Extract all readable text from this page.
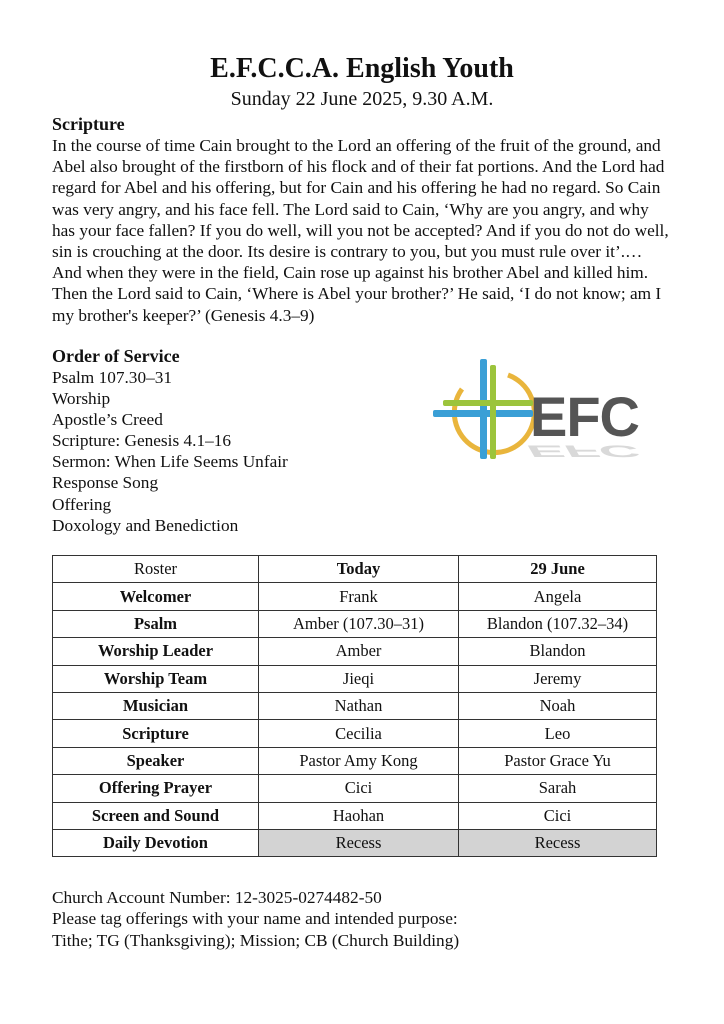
E.F.C.C.A. English Youth
Sunday 22 June 2025, 9.30 A.M.
Scripture
In the course of time Cain brought to the Lord an offering of the fruit of the ground, and Abel also brought of the firstborn of his flock and of their fat portions. And the Lord had regard for Abel and his offering, but for Cain and his offering he had no regard. So Cain was very angry, and his face fell. The Lord said to Cain, ‘Why are you angry, and why has your face fallen? If you do well, will you not be accepted? And if you do not do well, sin is crouching at the door. Its desire is contrary to you, but you must rule over it’.… And when they were in the field, Cain rose up against his brother Abel and killed him. Then the Lord said to Cain, ‘Where is Abel your brother?’ He said, ‘I do not know; am I my brother's keeper?’ (Genesis 4.3–9)
Order of Service
Psalm 107.30–31
Worship
Apostle’s Creed
Scripture: Genesis 4.1–16
Sermon: When Life Seems Unfair
Response Song
Offering
Doxology and Benediction
EFC
EFC
Roster	Today	29 June
Welcomer	Frank	Angela
Psalm	Amber (107.30–31)	Blandon (107.32–34)
Worship Leader	Amber	Blandon
Worship Team	Jieqi	Jeremy
Musician	Nathan	Noah
Scripture	Cecilia	Leo
Speaker	Pastor Amy Kong	Pastor Grace Yu
Offering Prayer	Cici	Sarah
Screen and Sound	Haohan	Cici
Daily Devotion	Recess	Recess
Church Account Number: 12-3025-0274482-50
Please tag offerings with your name and intended purpose:
Tithe; TG (Thanksgiving); Mission; CB (Church Building)
